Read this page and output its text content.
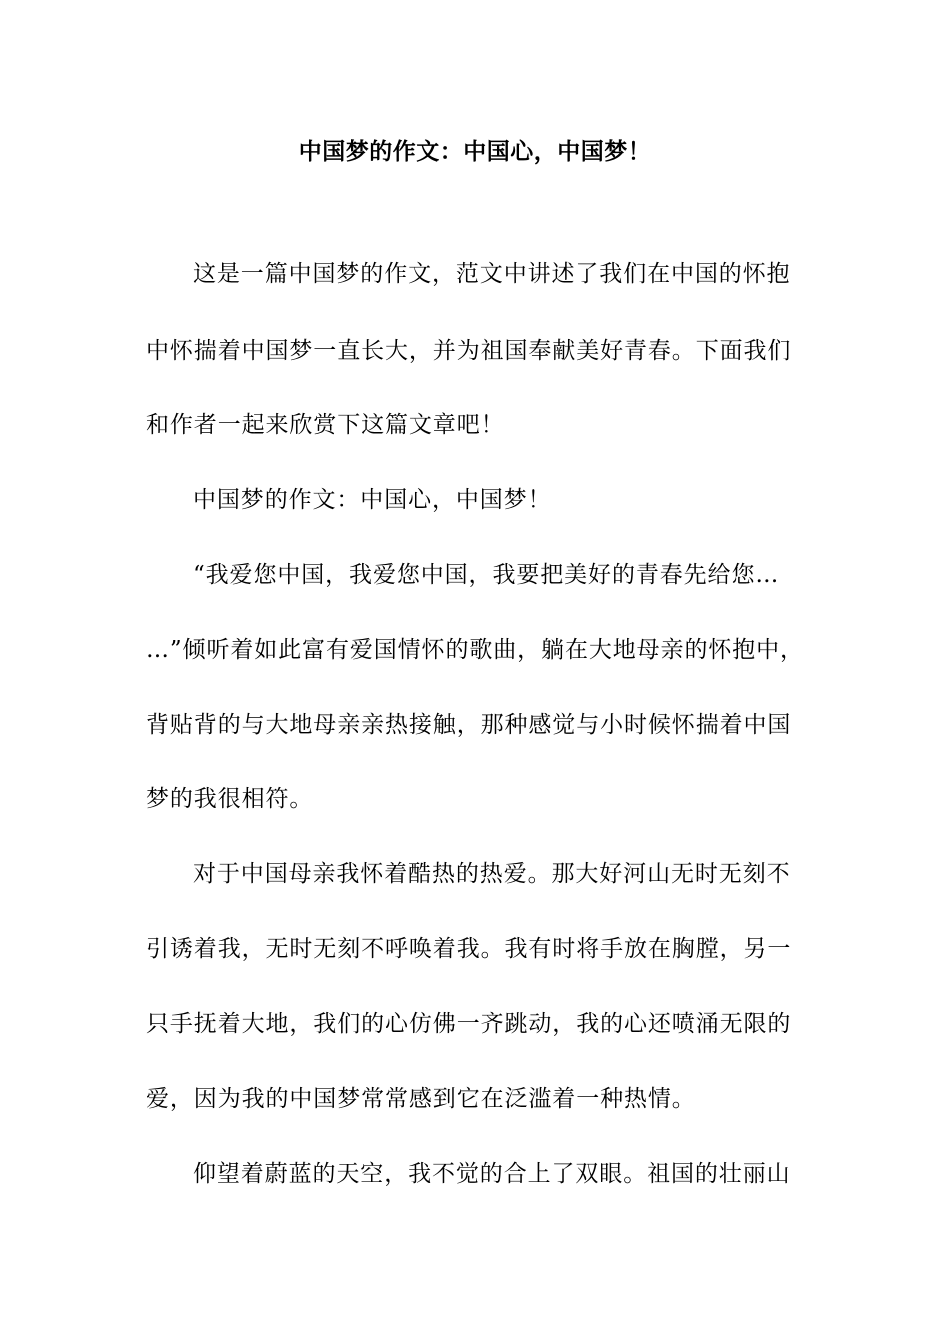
中国梦的作文：中国心，中国梦！
这是一篇中国梦的作文，范文中讲述了我们在中国的怀抱
中怀揣着中国梦一直长大，并为祖国奉献美好青春。下面我们
和作者一起来欣赏下这篇文章吧！
中国梦的作文：中国心，中国梦！
“我爱您中国，我爱您中国，我要把美好的青春先给您…
…”倾听着如此富有爱国情怀的歌曲，躺在大地母亲的怀抱中，
背贴背的与大地母亲亲热接触，那种感觉与小时候怀揣着中国
梦的我很相符。
对于中国母亲我怀着酷热的热爱。那大好河山无时无刻不
引诱着我，无时无刻不呼唤着我。我有时将手放在胸膛，另一
只手抚着大地，我们的心仿佛一齐跳动，我的心还喷涌无限的
爱，因为我的中国梦常常感到它在泛滥着一种热情。
仰望着蔚蓝的天空，我不觉的合上了双眼。祖国的壮丽山
